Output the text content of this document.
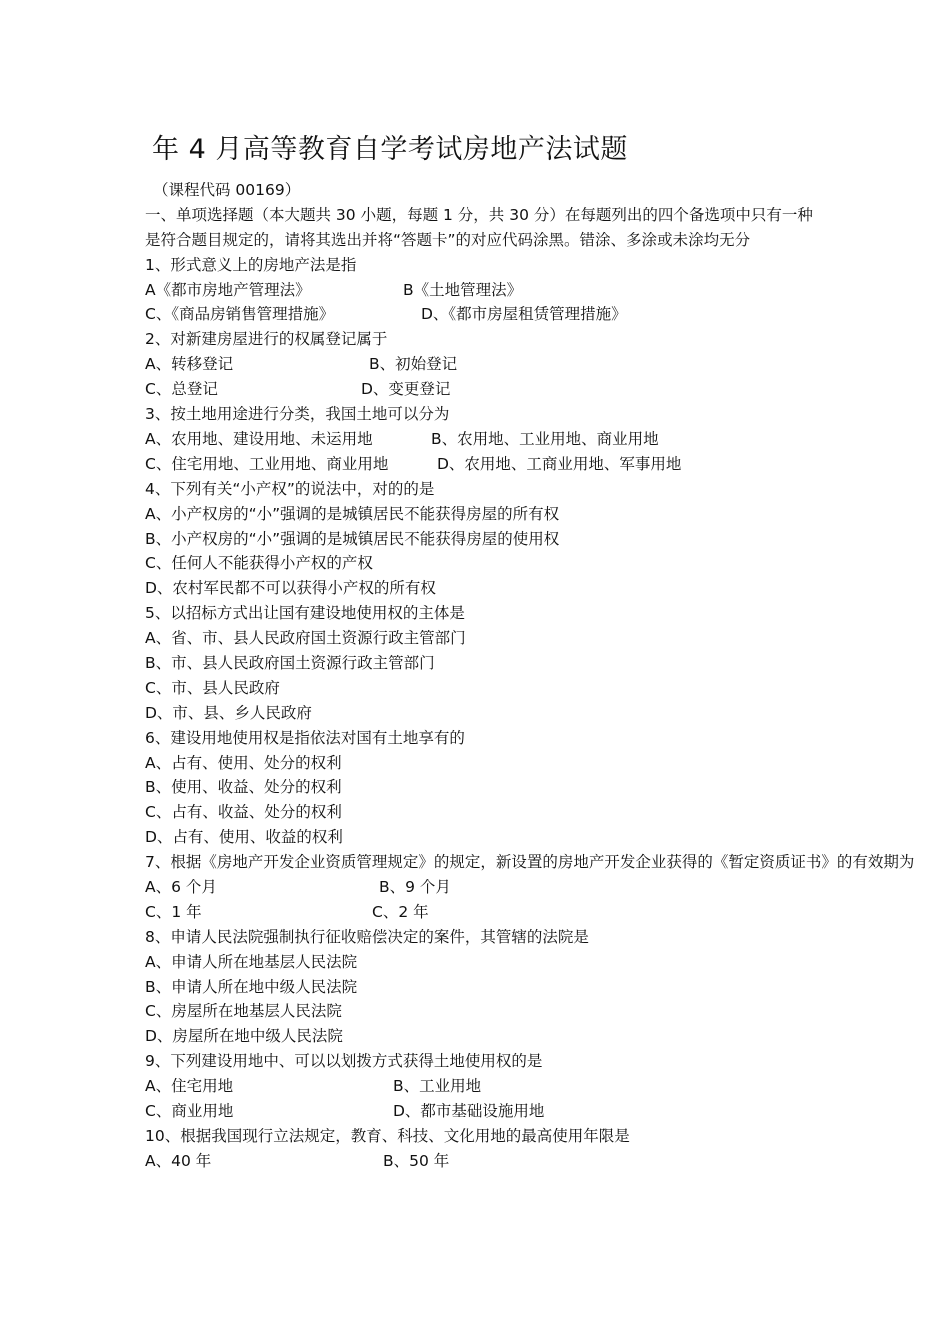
年 4 月高等教育自学考试房地产法试题
（课程代码 00169）
一、单项选择题（本大题共 30 小题，每题 1 分，共 30 分）在每题列出的四个备选项中只有一种是符合题目规定的，请将其选出并将“答题卡”的对应代码涂黑。错涂、多涂或未涂均无分
1、形式意义上的房地产法是指
A《都市房地产管理法》	B《土地管理法》
C、《商品房销售管理措施》	D、《都市房屋租赁管理措施》
2、对新建房屋进行的权属登记属于
A、转移登记	B、初始登记
C、总登记	D、变更登记
3、按土地用途进行分类，我国土地可以分为
A、农用地、建设用地、未运用地	B、农用地、工业用地、商业用地
C、住宅用地、工业用地、商业用地	D、农用地、工商业用地、军事用地
4、下列有关“小产权”的说法中，对的的是
A、小产权房的“小”强调的是城镇居民不能获得房屋的所有权
B、小产权房的“小”强调的是城镇居民不能获得房屋的使用权
C、任何人不能获得小产权的产权
D、农村军民都不可以获得小产权的所有权
5、以招标方式出让国有建设地使用权的主体是
A、省、市、县人民政府国土资源行政主管部门
B、市、县人民政府国土资源行政主管部门
C、市、县人民政府
D、市、县、乡人民政府
6、建设用地使用权是指依法对国有土地享有的
A、占有、使用、处分的权利
B、使用、收益、处分的权利
C、占有、收益、处分的权利
D、占有、使用、收益的权利
7、根据《房地产开发企业资质管理规定》的规定，新设置的房地产开发企业获得的《暂定资质证书》的有效期为
A、6 个月	B、9 个月
C、1 年	C、2 年
8、申请人民法院强制执行征收赔偿决定的案件，其管辖的法院是
A、申请人所在地基层人民法院
B、申请人所在地中级人民法院
C、房屋所在地基层人民法院
D、房屋所在地中级人民法院
9、下列建设用地中、可以以划拨方式获得土地使用权的是
A、住宅用地	B、工业用地
C、商业用地	D、都市基础设施用地
10、根据我国现行立法规定，教育、科技、文化用地的最高使用年限是
A、40 年	B、50 年
